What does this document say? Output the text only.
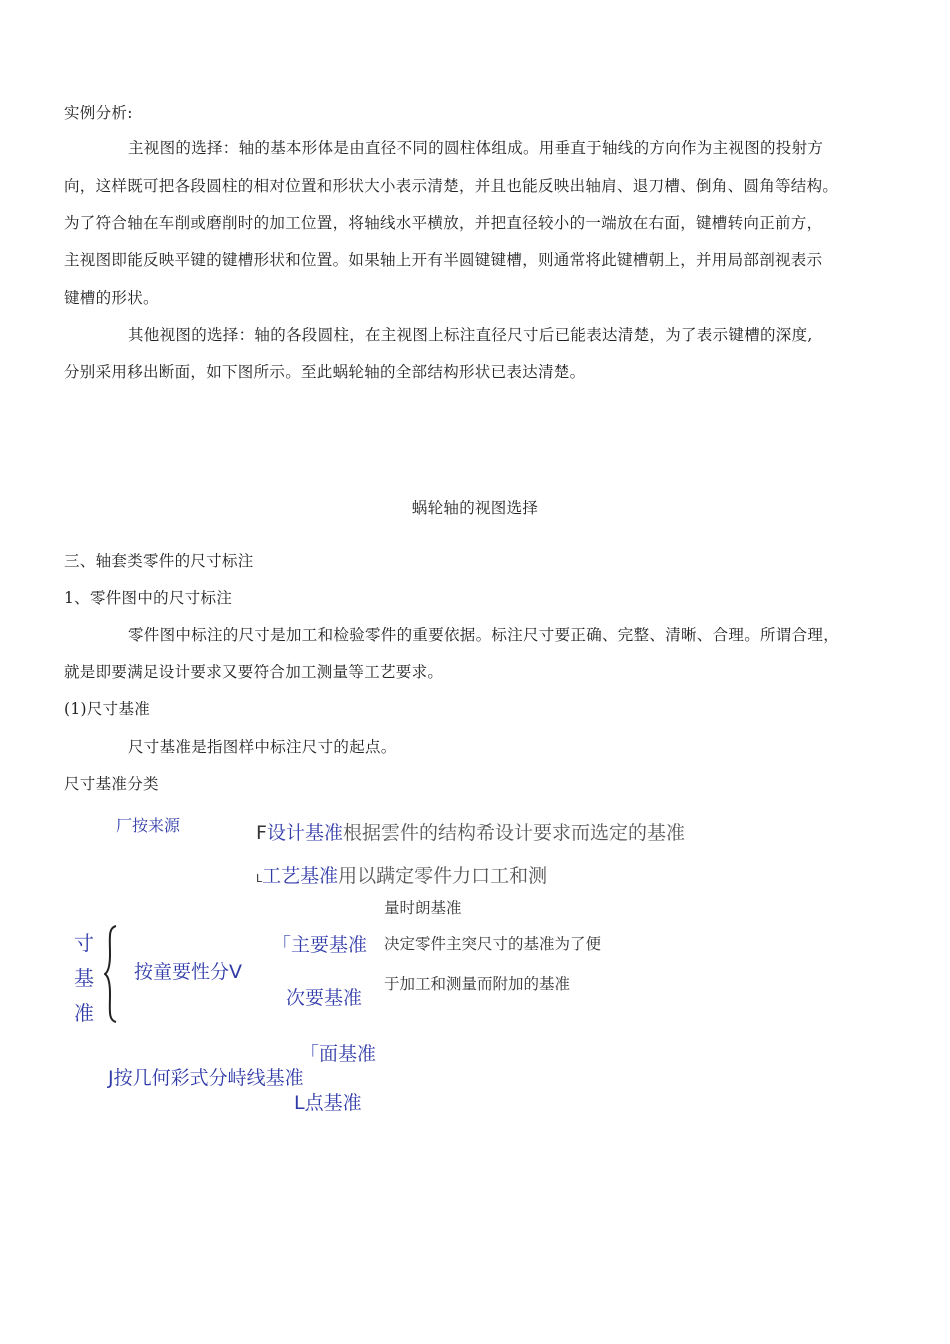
实例分析:
主视图的选择：轴的基本形体是由直径不同的圆柱体组成。用垂直于轴线的方向作为主视图的投射方
向，这样既可把各段圆柱的相对位置和形状大小表示清楚，并且也能反映出轴肩、退刀槽、倒角、圆角等结构。
为了符合轴在车削或磨削时的加工位置，将轴线水平横放，并把直径较小的一端放在右面，键槽转向正前方，
主视图即能反映平键的键槽形状和位置。如果轴上开有半圆键键槽，则通常将此键槽朝上，并用局部剖视表示
键槽的形状。
其他视图的选择：轴的各段圆柱，在主视图上标注直径尺寸后已能表达清楚，为了表示键槽的深度,
分别采用移出断面，如下图所示。至此蜗轮轴的全部结构形状已表达清楚。
蜗轮轴的视图选择
三、轴套类零件的尺寸标注
1、零件图中的尺寸标注
零件图中标注的尺寸是加工和检验零件的重要依据。标注尺寸要正确、完整、清晰、合理。所谓合理，
就是即要满足设计要求又要符合加工测量等工艺要求。
(1)尺寸基准
尺寸基准是指图样中标注尺寸的起点。
尺寸基准分类
寸
基
准
厂按来源	F设计基准根据雲件的结构希设计要求而选定的基准
L工艺基准用以蹒定零件力口工和测
量时朗基准
按童要性分Ⅴ
「主要基准 决定零件主突尺寸的基准为了便
次要基准
于加工和测量而附加的基准
「面基准
J按几何彩式分峙线基准
L点基准
